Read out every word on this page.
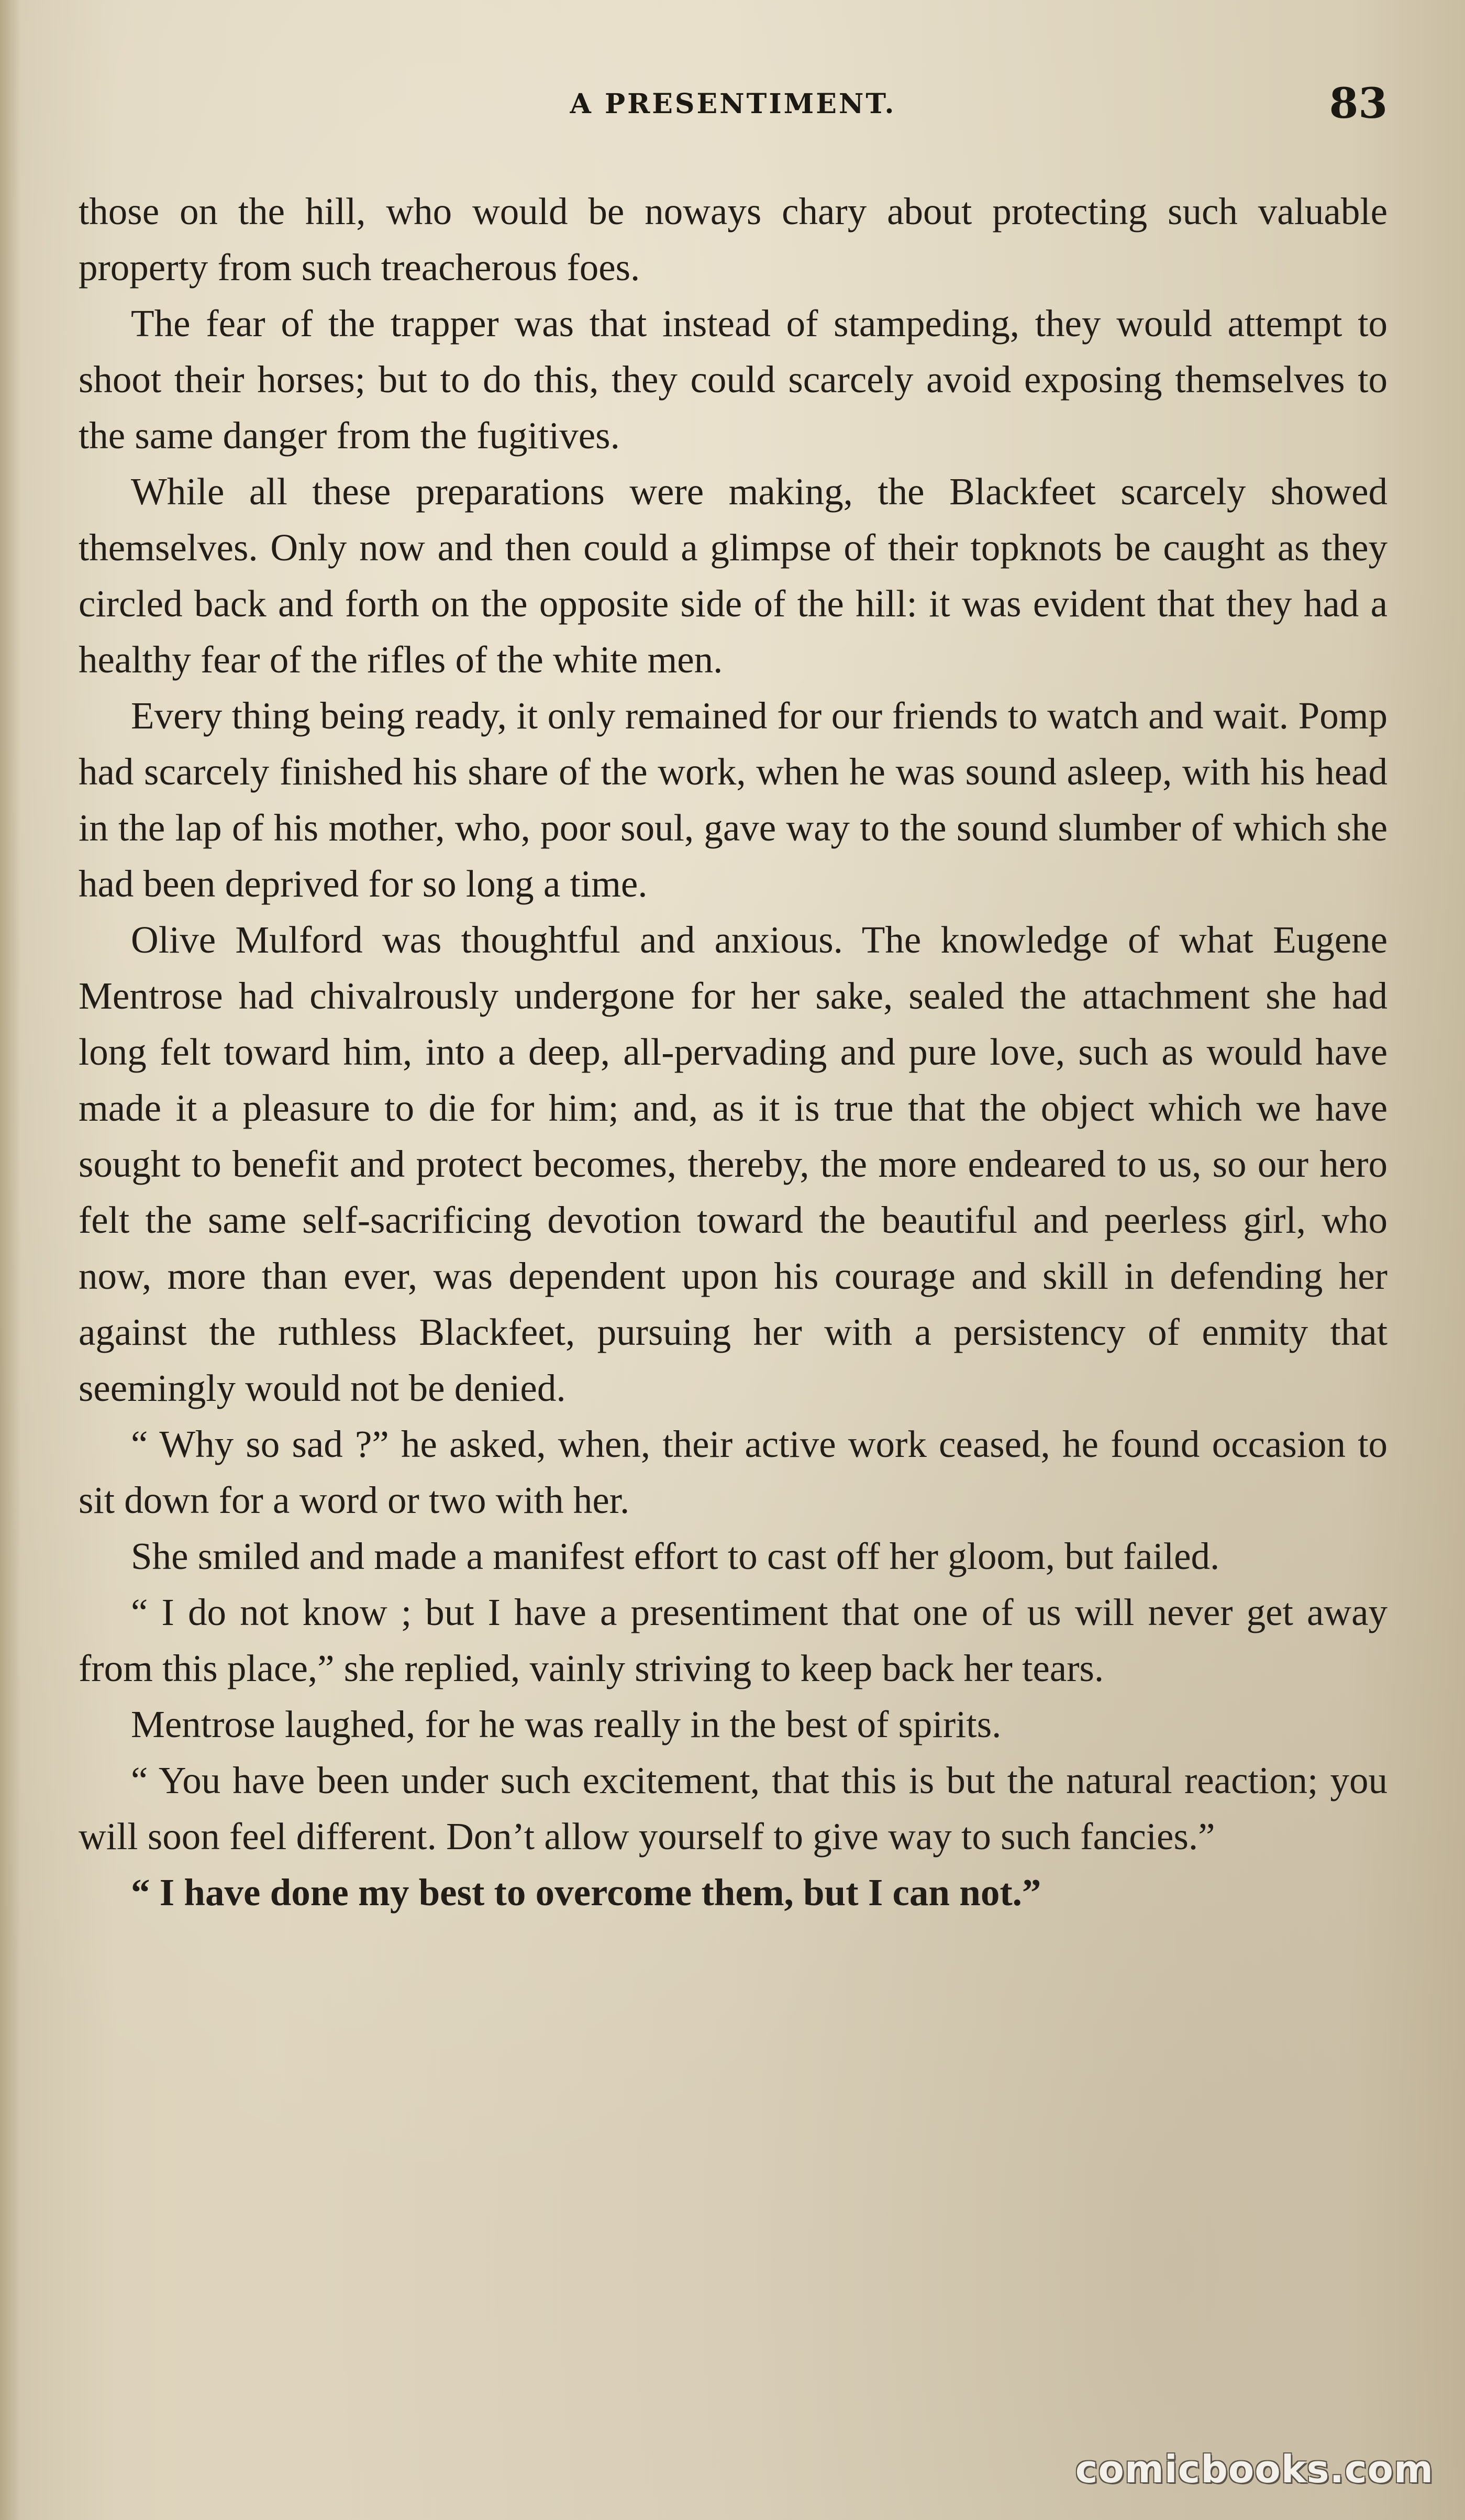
A PRESENTIMENT.	83

those on the hill, who would be noways chary about protecting such valuable property from such treacherous foes.

The fear of the trapper was that instead of stampeding, they would attempt to shoot their horses; but to do this, they could scarcely avoid exposing themselves to the same danger from the fugitives.

While all these preparations were making, the Blackfeet scarcely showed themselves. Only now and then could a glimpse of their topknots be caught as they circled back and forth on the opposite side of the hill: it was evident that they had a healthy fear of the rifles of the white men.

Every thing being ready, it only remained for our friends to watch and wait. Pomp had scarcely finished his share of the work, when he was sound asleep, with his head in the lap of his mother, who, poor soul, gave way to the sound slumber of which she had been deprived for so long a time.

Olive Mulford was thoughtful and anxious. The knowledge of what Eugene Mentrose had chivalrously undergone for her sake, sealed the attachment she had long felt toward him, into a deep, all-pervading and pure love, such as would have made it a pleasure to die for him; and, as it is true that the object which we have sought to benefit and protect becomes, thereby, the more endeared to us, so our hero felt the same self-sacrificing devotion toward the beautiful and peerless girl, who now, more than ever, was dependent upon his courage and skill in defending her against the ruthless Blackfeet, pursuing her with a persistency of enmity that seemingly would not be denied.

“ Why so sad ?” he asked, when, their active work ceased, he found occasion to sit down for a word or two with her.

She smiled and made a manifest effort to cast off her gloom, but failed.

“ I do not know ; but I have a presentiment that one of us will never get away from this place,” she replied, vainly striving to keep back her tears.

Mentrose laughed, for he was really in the best of spirits.

“ You have been under such excitement, that this is but the natural reaction; you will soon feel different. Don’t allow yourself to give way to such fancies.”

“ I have done my best to overcome them, but I can not.”

comicbooks.com
